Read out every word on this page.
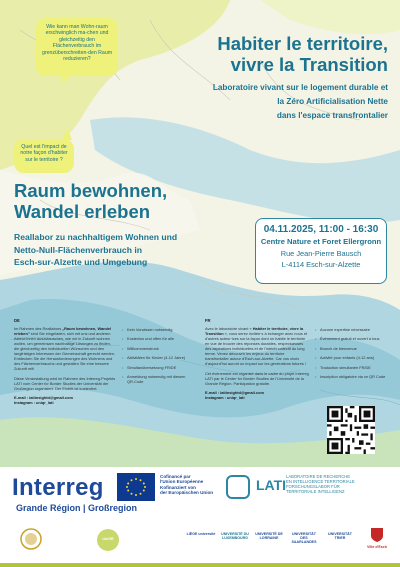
Wie kann man Wohn-raum erschwinglich ma-chen und gleichzeitig den Flächenverbrauch im grenzüberschreiten-den Raum reduzieren?
Quel est l'impact de notre façon d'habiter sur le territoire ?
Habiter le territoire,
vivre la Transition
Laboratoire vivant sur le logement durable et
la Zéro Artificialisation Nette
dans l'espace transfrontalier
Raum bewohnen,
Wandel erleben
Reallabor zu nachhaltigem Wohnen und
Netto-Null-Flächenverbrauch in
Esch-sur-Alzette und Umgebung
04.11.2025, 11:00 - 16:30
Centre Nature et Foret Ellergronn
Rue Jean-Pierre Bausch
L-4114 Esch-sur-Alzette
DE
Im Rahmen des Reallabors „Raum bewohnen, Wandel erleben" sind Sie eingeladen, sich mit uns und anderen Akteur:innen auszutauschen, wie wir in Zukunft wohnen wollen, um gemeinsam nachhaltige Lösungen zu finden, die gleichzeitig den individuellen Wünschen und den langfristigen Interessen der Gemeinschaft gerecht werden. Entdecken Sie die Herausforderungen des Wohnens und des Flächenverbrauchs und gestalten Sie eine bessere Zukunft mit!
Diese Veranstaltung wird im Rahmen des Interreg-Projekts LATI vom Center for Border Studies der Universität der Großregion organisiert. Der Eintritt ist kostenfrei.
E-mail : latiinsightd@gmail.com
Instagram : uniqr_lati
• Kein Vorwissen notwendig
• Kostenlos und offen für alle
• Willkommenstrunk
• Aktivitäten für Kinder (4-12 Jahre)
• Simultanübersetzung FR/DE
• Anmeldung notwendig mit diesem QR-Code
FR
Avec le laboratoire vivant « Habiter le territoire, vivre la Transition », vous serez invitée·s à échanger avec nous et d'autres acteur·ices sur la façon dont on habite le territoire en vue de trouver des réponses durables, respectueuses des aspirations individuelles et de l'intérêt collectif du long terme. Venez découvrir les enjeux du territoire transfrontalier autour d'Esch-sur-Alzette. Car vos choix d'aujourd'hui auront un impact sur les générations futures !
Cet événement est organisé dans le cadre du projet Interreg LATI par le Center for Border Studies de l'Université de la Grande Région. Participation gratuite.
E-mail : latiinsightd@gmail.com
Instagram : uniqr_lati
• Aucune expertise nécessaire
• Événement gratuit et ouvert à tous
• Brunch de bienvenue
• Activité pour enfants (4-12 ans)
• Traduction simultanée FR/DE
• Inscription obligatoire via ce QR Code
Interreg
Grande Région | Großregion
Cofinancé par
l'Union Européenne
Kofinanziert von
der Europäischen Union	LATI
LABORATOIRE DE RECHERCHE
EN INTELLIGENCE TERRITORIALE
FORSCHUNGSLABOR FÜR
TERRITORIALE INTELLIGENZ
UniGR
LIÈGE université	UNIVERSITÉ DU LUXEMBOURG
UNIVERSITÉ DE LORRAINE
UNIVERSITÄT DES SAARLANDES
UNIVERSITÄT TRIER
Ville d'Esch
